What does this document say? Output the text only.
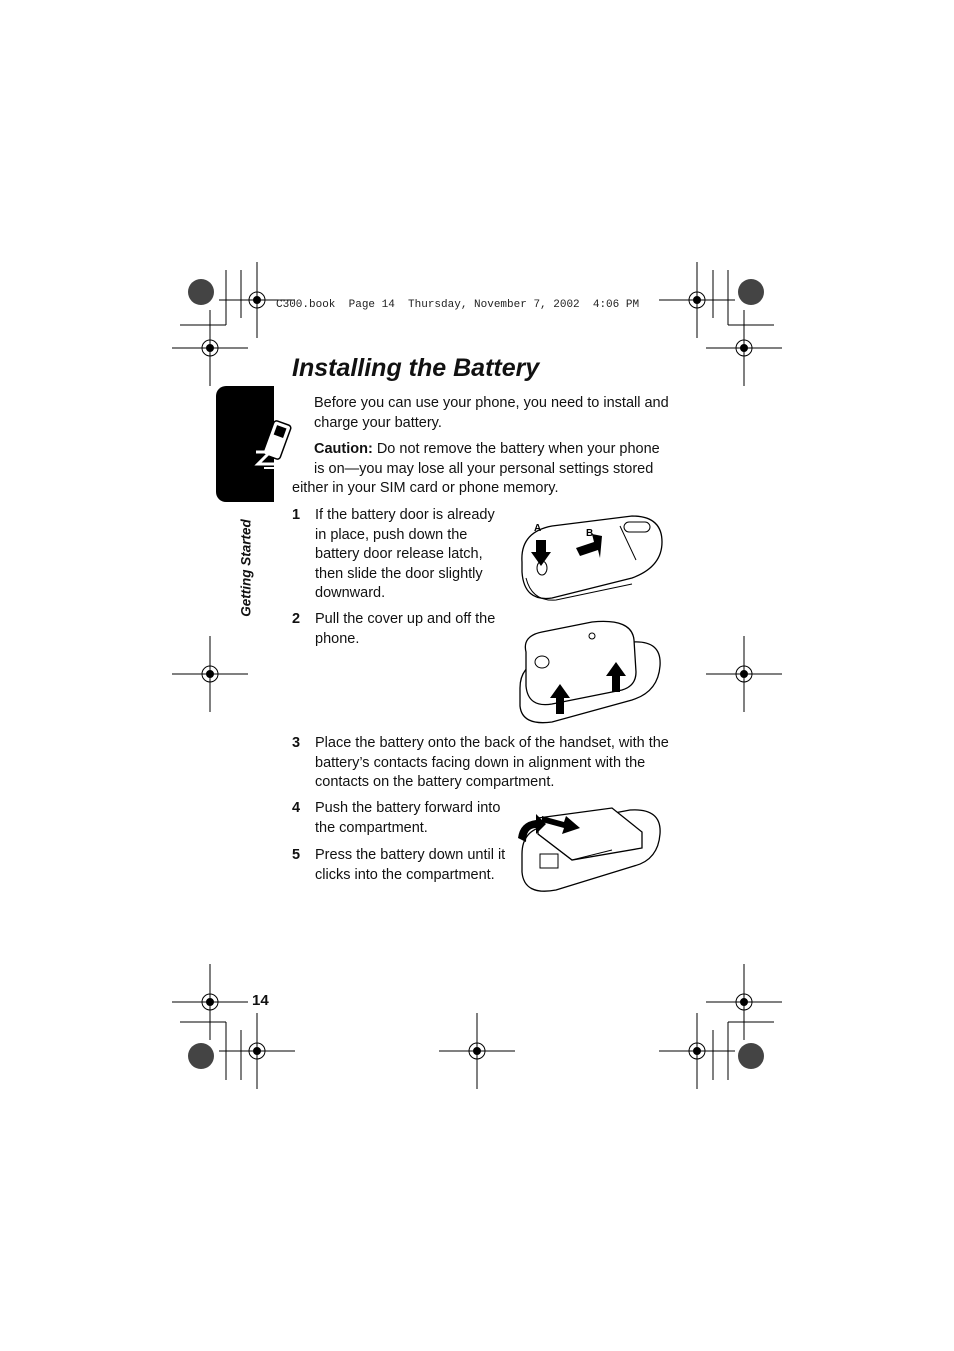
C300.book  Page 14  Thursday, November 7, 2002  4:06 PM
Getting Started
Installing the Battery
Before you can use your phone, you need to install and charge your battery.
Caution: Do not remove the battery when your phone
is on—you may lose all your personal settings stored
either in your SIM card or phone memory.
1 If the battery door is already
in place, push down the
battery door release latch,
then slide the door slightly
downward.
2 Pull the cover up and off the
phone.
3 Place the battery onto the back of the handset, with the
battery’s contacts facing down in alignment with the
contacts on the battery compartment.
4 Push the battery forward into
the compartment.
5 Press the battery down until it
clicks into the compartment.
A	B
14
